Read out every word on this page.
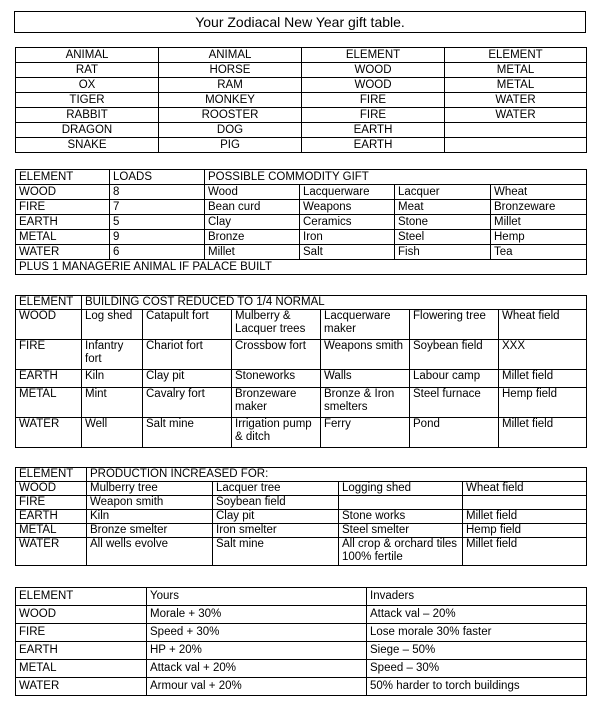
Your Zodiacal New Year gift table.
ANIMAL	ANIMAL	ELEMENT	ELEMENT
RAT	HORSE	WOOD	METAL
OX	RAM	WOOD	METAL
TIGER	MONKEY	FIRE	WATER
RABBIT	ROOSTER	FIRE	WATER
DRAGON	DOG	EARTH	
SNAKE	PIG	EARTH	
ELEMENT	LOADS	POSSIBLE COMMODITY GIFT			
WOOD	8	Wood	Lacquerware	Lacquer	Wheat
FIRE	7	Bean curd	Weapons	Meat	Bronzeware
EARTH	5	Clay	Ceramics	Stone	Millet
METAL	9	Bronze	Iron	Steel	Hemp
WATER	6	Millet	Salt	Fish	Tea
PLUS 1 MANAGERIE ANIMAL IF PALACE BUILT					
ELEMENT	BUILDING COST REDUCED TO 1/4 NORMAL					
WOOD	Log shed	Catapult fort	Mulberry & Lacquer trees	Lacquerware maker	Flowering tree	Wheat field
FIRE	Infantry fort	Chariot fort	Crossbow fort	Weapons smith	Soybean field	XXX
EARTH	Kiln	Clay pit	Stoneworks	Walls	Labour camp	Millet field
METAL	Mint	Cavalry fort	Bronzeware maker	Bronze & Iron smelters	Steel furnace	Hemp field
WATER	Well	Salt mine	Irrigation pump & ditch	Ferry	Pond	Millet field
ELEMENT	PRODUCTION INCREASED FOR:			
WOOD	Mulberry tree	Lacquer tree	Logging shed	Wheat field
FIRE	Weapon smith	Soybean field		
EARTH	Kiln	Clay pit	Stone works	Millet field
METAL	Bronze smelter	Iron smelter	Steel smelter	Hemp field
WATER	All wells evolve	Salt mine	All crop & orchard tiles 100% fertile	Millet field
ELEMENT	Yours	Invaders
WOOD	Morale + 30%	Attack val – 20%
FIRE	Speed + 30%	Lose morale 30% faster
EARTH	HP + 20%	Siege – 50%
METAL	Attack val + 20%	Speed – 30%
WATER	Armour val + 20%	50% harder to torch buildings
